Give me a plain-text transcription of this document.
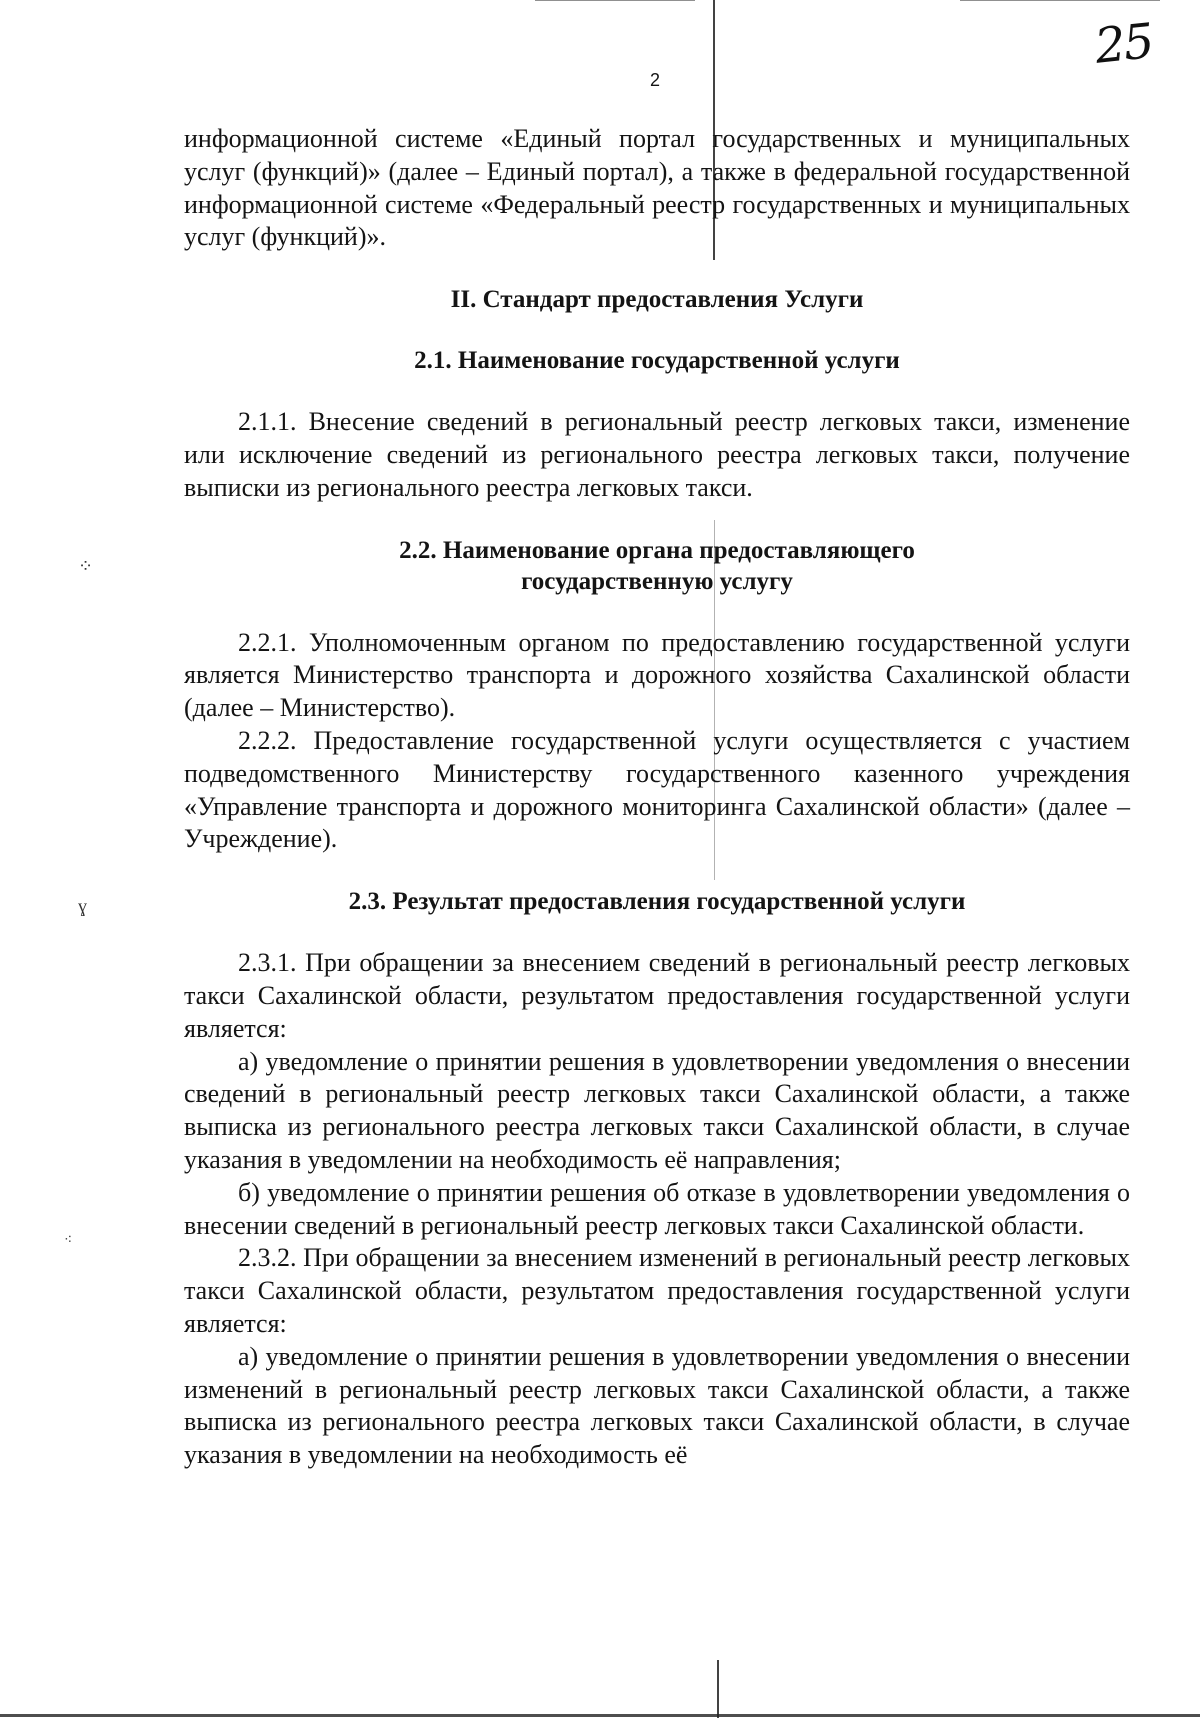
⁘
ɣ
⁖
2
25

информационной системе «Единый портал государственных и муниципальных услуг (функций)» (далее – Единый портал), а также в федеральной государственной информационной системе «Федеральный реестр государственных и муниципальных услуг (функций)».

II. Стандарт предоставления Услуги
2.1. Наименование государственной услуги

2.1.1. Внесение сведений в региональный реестр легковых такси, изменение или исключение сведений из регионального реестра легковых такси, получение выписки из регионального реестра легковых такси.

2.2. Наименование органа предоставляющего
государственную услугу

2.2.1. Уполномоченным органом по предоставлению государственной услуги является Министерство транспорта и дорожного хозяйства Сахалинской области (далее – Министерство).

2.2.2. Предоставление государственной услуги осуществляется с участием подведомственного Министерству государственного казенного учреждения «Управление транспорта и дорожного мониторинга Сахалинской области» (далее – Учреждение).

2.3. Результат предоставления государственной услуги

2.3.1. При обращении за внесением сведений в региональный реестр легковых такси Сахалинской области, результатом предоставления государственной услуги является:

а) уведомление о принятии решения в удовлетворении уведомления о внесении сведений в региональный реестр легковых такси Сахалинской области, а также выписка из регионального реестра легковых такси Сахалинской области, в случае указания в уведомлении на необходимость её направления;

б) уведомление о принятии решения об отказе в удовлетворении уведомления о внесении сведений в региональный реестр легковых такси Сахалинской области.

2.3.2. При обращении за внесением изменений в региональный реестр легковых такси Сахалинской области, результатом предоставления государственной услуги является:

а) уведомление о принятии решения в удовлетворении уведомления о внесении изменений в региональный реестр легковых такси Сахалинской области, а также выписка из регионального реестра легковых такси Сахалинской области, в случае указания в уведомлении на необходимость её
